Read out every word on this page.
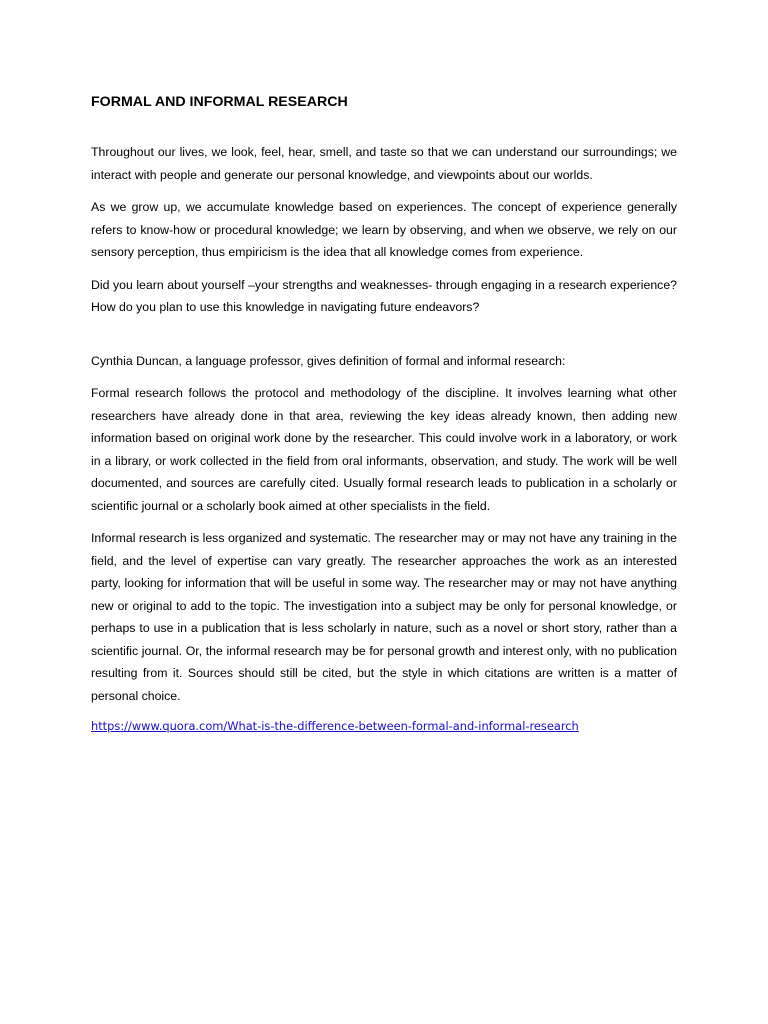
FORMAL AND INFORMAL RESEARCH

Throughout our lives, we look, feel, hear, smell, and taste so that we can understand our surroundings; we interact with people and generate our personal knowledge, and viewpoints about our worlds.

As we grow up, we accumulate knowledge based on experiences. The concept of experience generally refers to know-how or procedural knowledge; we learn by observing, and when we observe, we rely on our sensory perception, thus empiricism is the idea that all knowledge comes from experience.

Did you learn about yourself –your strengths and weaknesses- through engaging in a research experience? How do you plan to use this knowledge in navigating future endeavors?

Cynthia Duncan, a language professor, gives definition of formal and informal research:

Formal research follows the protocol and methodology of the discipline. It involves learning what other researchers have already done in that area, reviewing the key ideas already known, then adding new information based on original work done by the researcher. This could involve work in a laboratory, or work in a library, or work collected in the field from oral informants, observation, and study. The work will be well documented, and sources are carefully cited. Usually formal research leads to publication in a scholarly or scientific journal or a scholarly book aimed at other specialists in the field.

Informal research is less organized and systematic. The researcher may or may not have any training in the field, and the level of expertise can vary greatly. The researcher approaches the work as an interested party, looking for information that will be useful in some way. The researcher may or may not have anything new or original to add to the topic. The investigation into a subject may be only for personal knowledge, or perhaps to use in a publication that is less scholarly in nature, such as a novel or short story, rather than a scientific journal. Or, the informal research may be for personal growth and interest only, with no publication resulting from it. Sources should still be cited, but the style in which citations are written is a matter of personal choice.

https://www.quora.com/What-is-the-difference-between-formal-and-informal-research
